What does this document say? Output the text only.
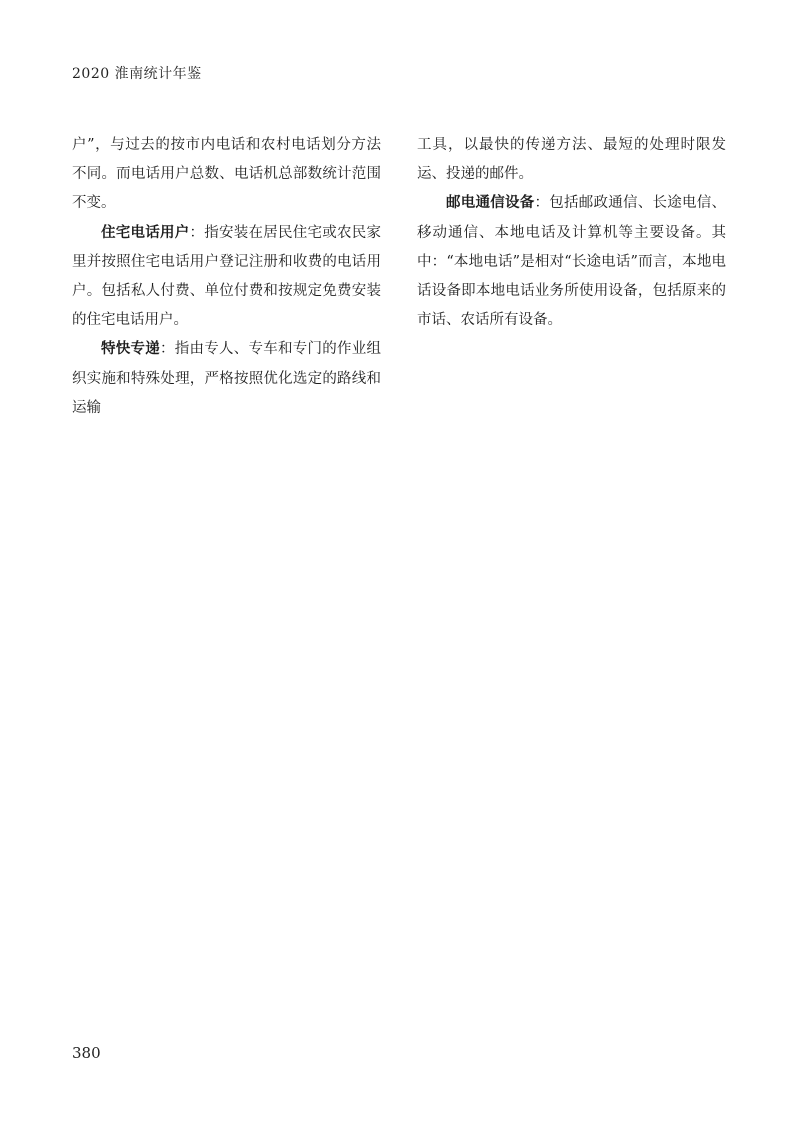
2020 淮南统计年鉴

户”，与过去的按市内电话和农村电话划分方法不同。而电话用户总数、电话机总部数统计范围不变。

住宅电话用户：指安装在居民住宅或农民家里并按照住宅电话用户登记注册和收费的电话用户。包括私人付费、单位付费和按规定免费安装的住宅电话用户。

特快专递：指由专人、专车和专门的作业组织实施和特殊处理，严格按照优化选定的路线和运输

工具，以最快的传递方法、最短的处理时限发运、投递的邮件。

邮电通信设备：包括邮政通信、长途电信、移动通信、本地电话及计算机等主要设备。其中：“本地电话”是相对“长途电话”而言，本地电话设备即本地电话业务所使用设备，包括原来的市话、农话所有设备。

380
